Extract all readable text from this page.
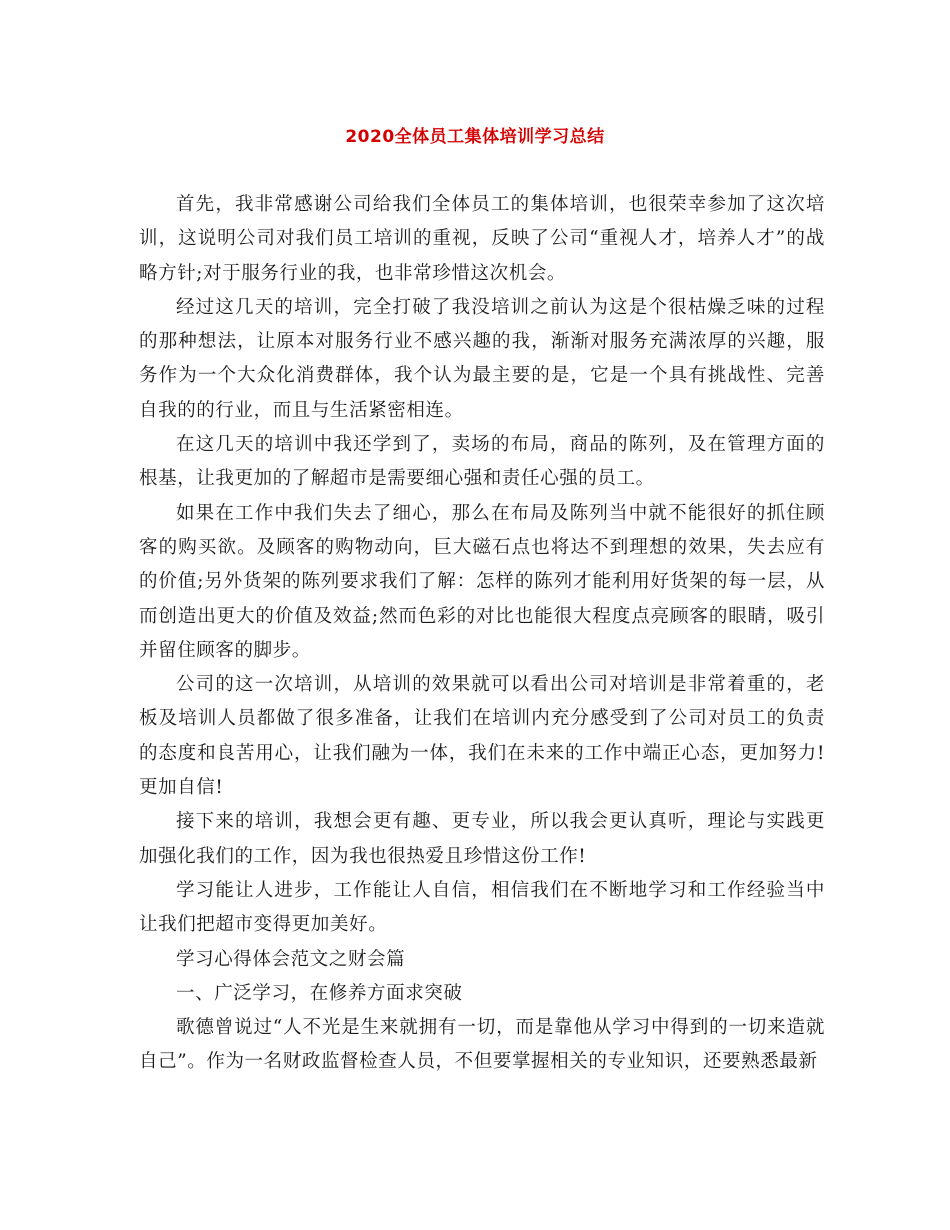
2020全体员工集体培训学习总结

首先，我非常感谢公司给我们全体员工的集体培训，也很荣幸参加了这次培训，这说明公司对我们员工培训的重视，反映了公司“重视人才，培养人才”的战略方针;对于服务行业的我，也非常珍惜这次机会。

经过这几天的培训，完全打破了我没培训之前认为这是个很枯燥乏味的过程的那种想法，让原本对服务行业不感兴趣的我，渐渐对服务充满浓厚的兴趣，服务作为一个大众化消费群体，我个认为最主要的是，它是一个具有挑战性、完善自我的的行业，而且与生活紧密相连。

在这几天的培训中我还学到了，卖场的布局，商品的陈列，及在管理方面的根基，让我更加的了解超市是需要细心强和责任心强的员工。

如果在工作中我们失去了细心，那么在布局及陈列当中就不能很好的抓住顾客的购买欲。及顾客的购物动向，巨大磁石点也将达不到理想的效果，失去应有的价值;另外货架的陈列要求我们了解：怎样的陈列才能利用好货架的每一层，从而创造出更大的价值及效益;然而色彩的对比也能很大程度点亮顾客的眼睛，吸引并留住顾客的脚步。

公司的这一次培训，从培训的效果就可以看出公司对培训是非常着重的，老板及培训人员都做了很多准备，让我们在培训内充分感受到了公司对员工的负责的态度和良苦用心，让我们融为一体，我们在未来的工作中端正心态，更加努力!更加自信!

接下来的培训，我想会更有趣、更专业，所以我会更认真听，理论与实践更加强化我们的工作，因为我也很热爱且珍惜这份工作!

学习能让人进步，工作能让人自信，相信我们在不断地学习和工作经验当中让我们把超市变得更加美好。

学习心得体会范文之财会篇

一、广泛学习，在修养方面求突破

歌德曾说过“人不光是生来就拥有一切，而是靠他从学习中得到的一切来造就自己”。作为一名财政监督检查人员，不但要掌握相关的专业知识，还要熟悉最新
